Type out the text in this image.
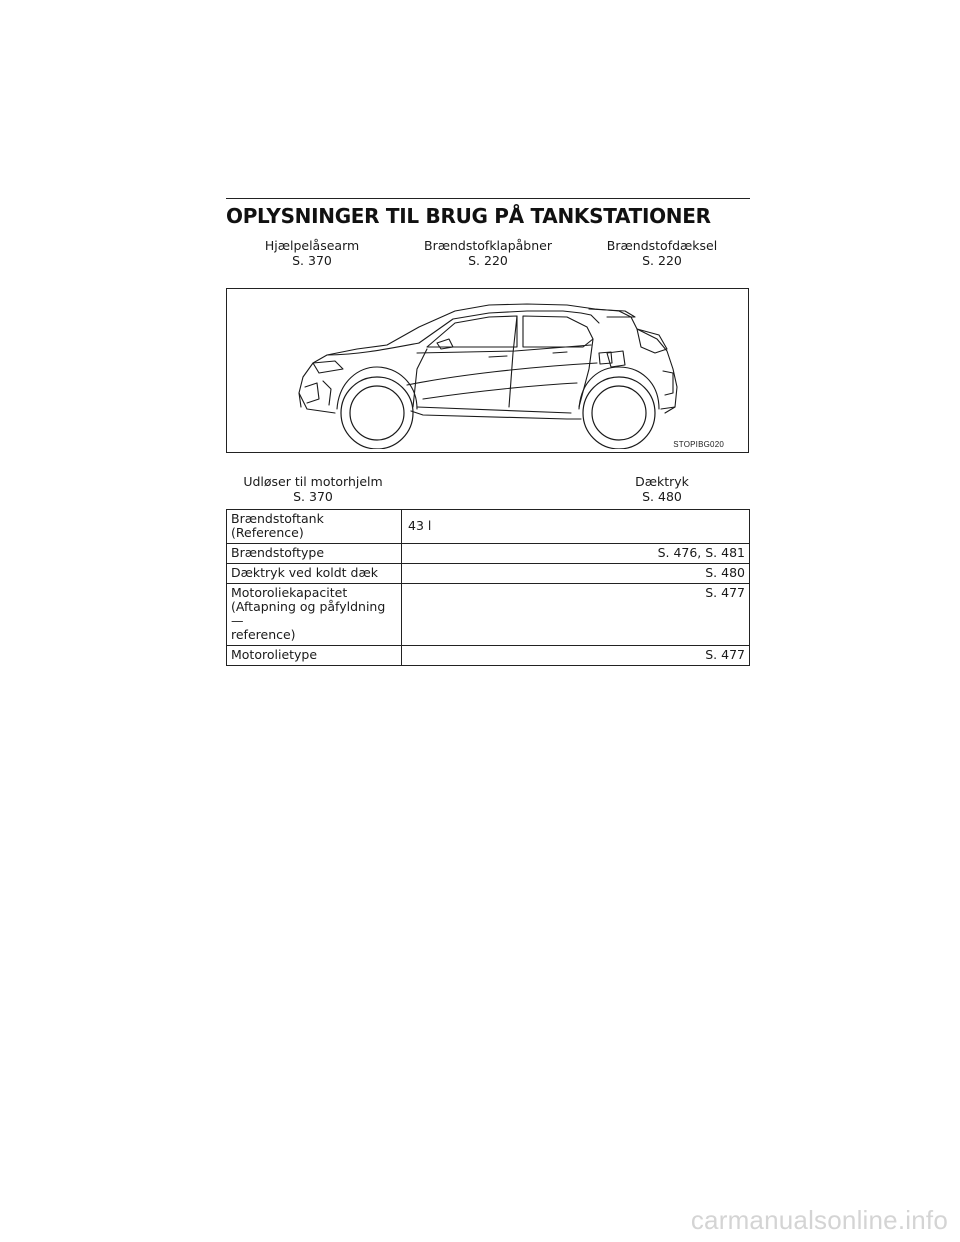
OPLYSNINGER TIL BRUG PÅ TANKSTATIONER
Hjælpelåsearm
S. 370
Brændstofklapåbner
S. 220
Brændstofdæksel
S. 220
STOPIBG020
Udløser til motorhjelm
S. 370
Dæktryk
S. 480
Brændstoftank
(Reference)	43 l

Brændstoftype	S. 476, S. 481

Dæktryk ved koldt dæk	S. 480

Motoroliekapacitet
(Aftapning og påfyldning —
reference)	S. 477

Motorolietype	S. 477
carmanualsonline.info
